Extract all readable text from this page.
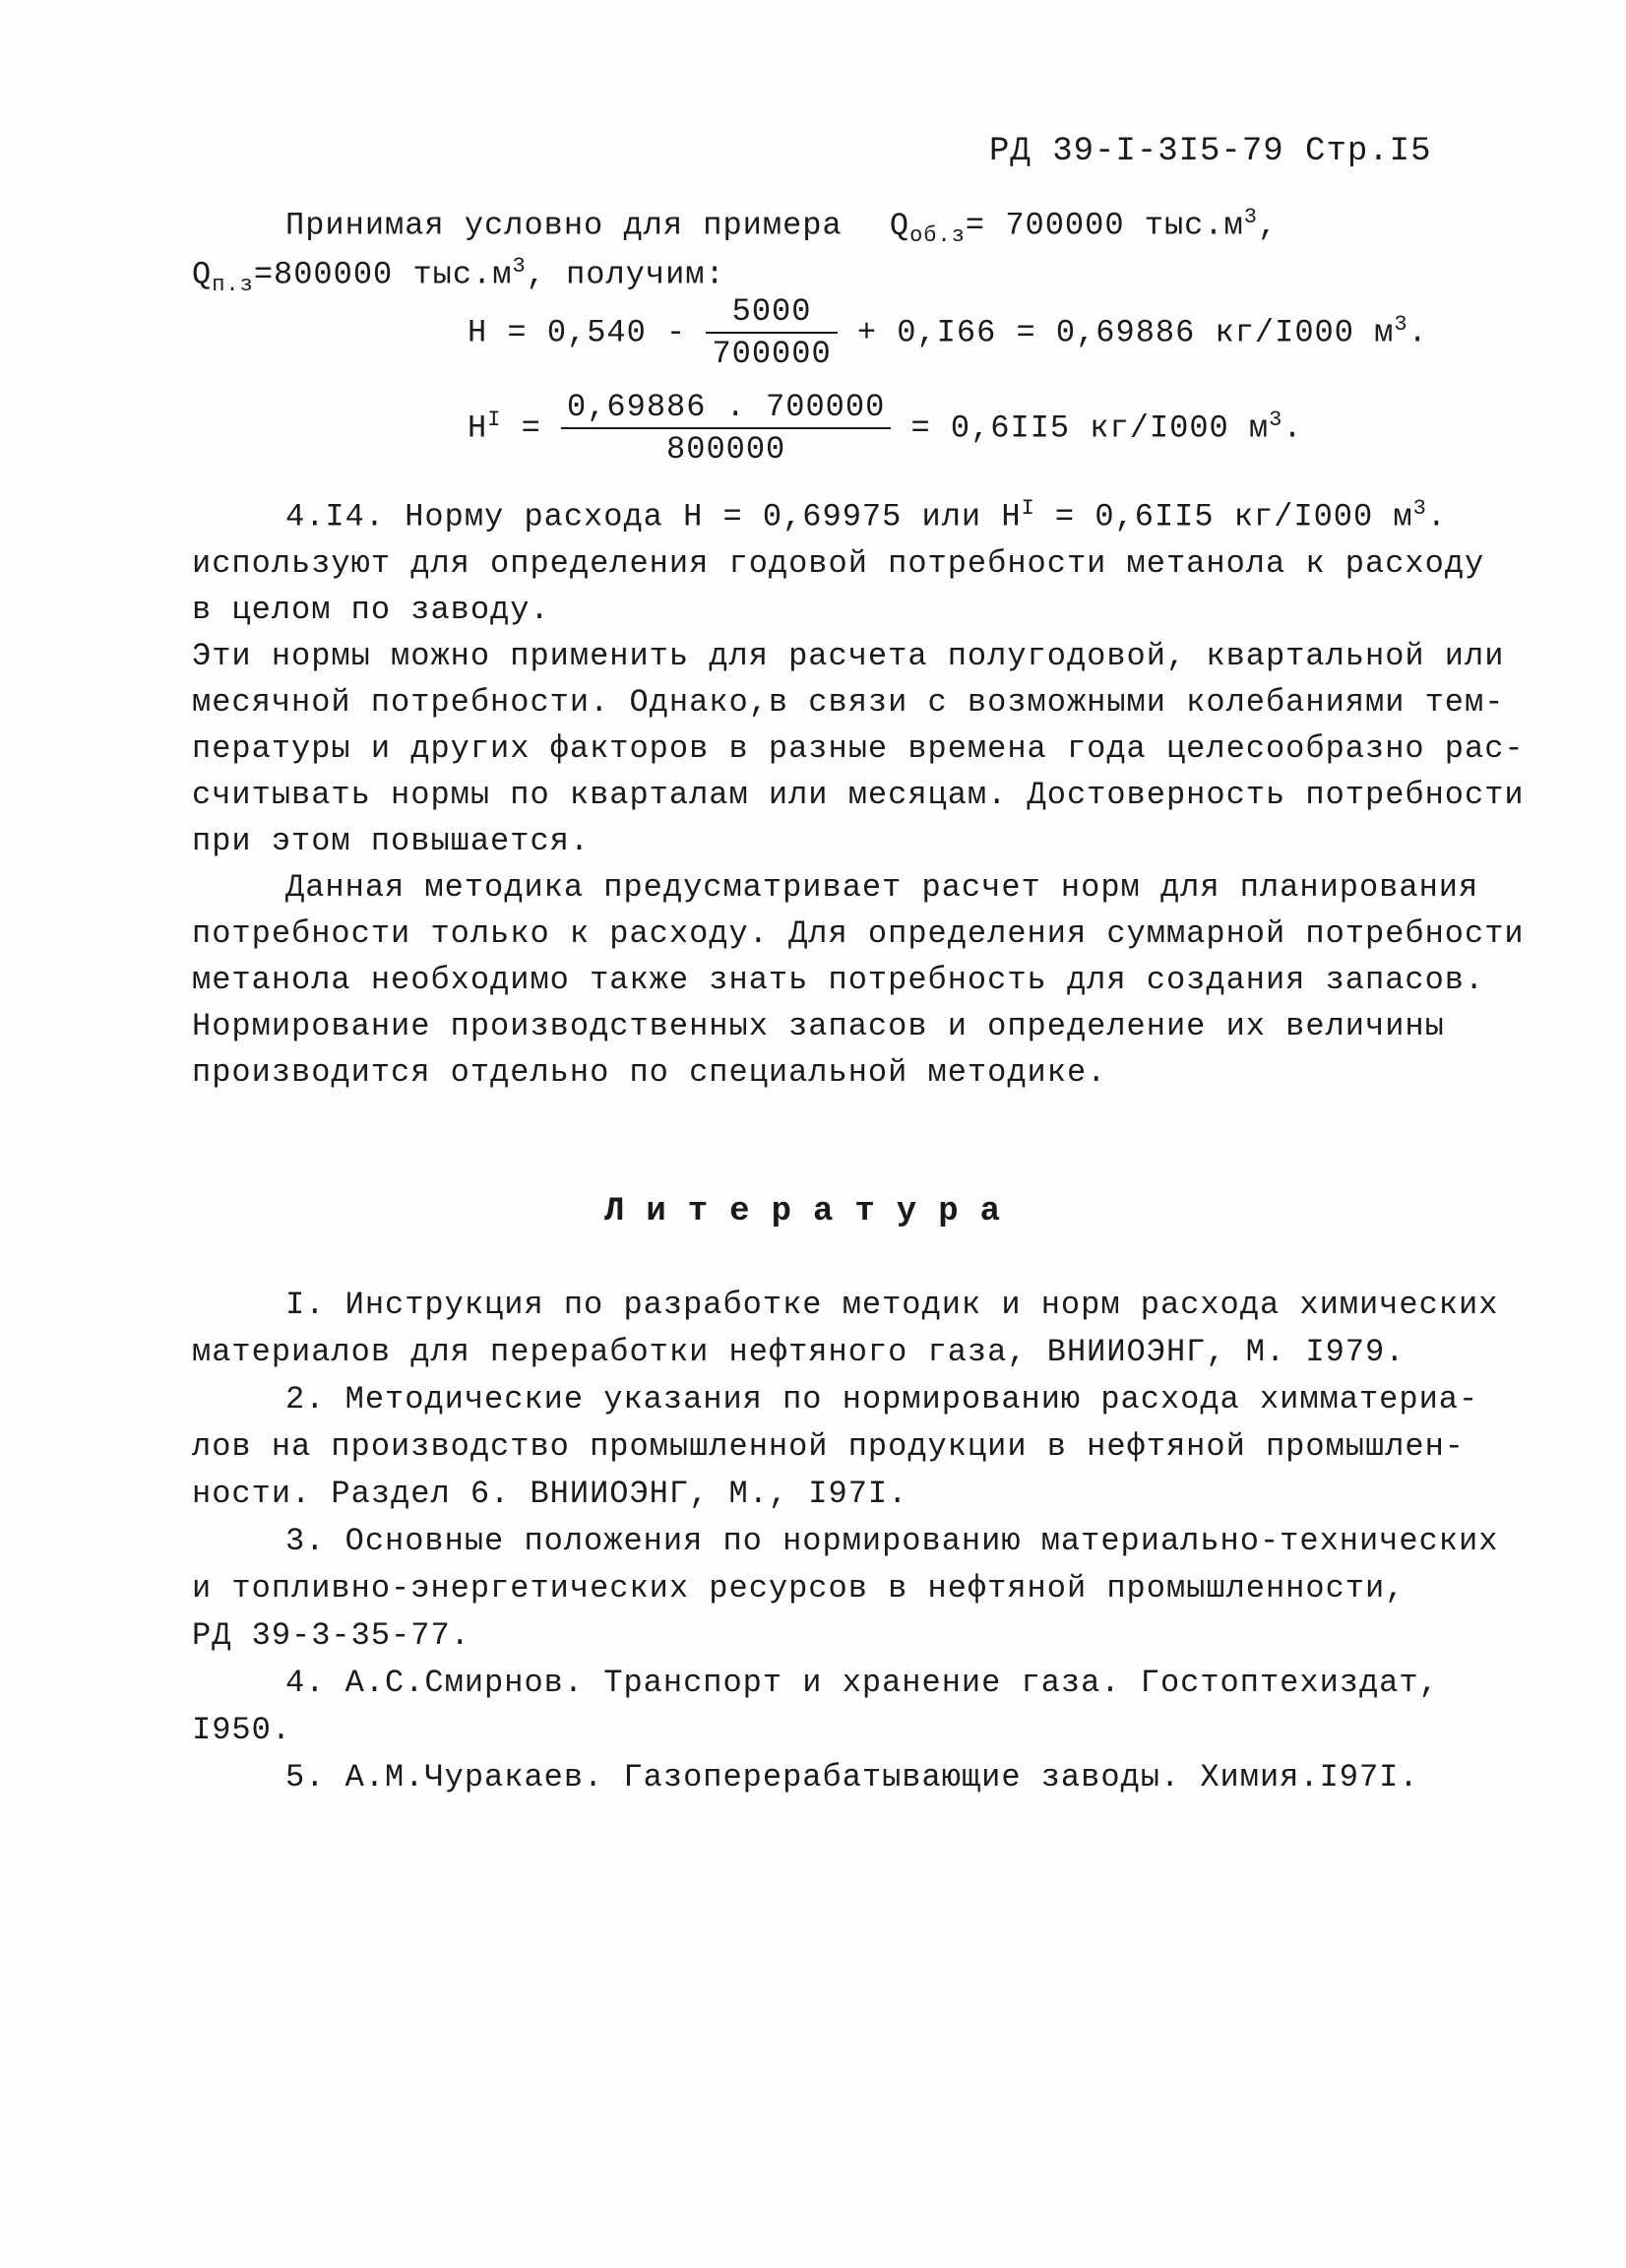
РД 39-I-3I5-79 Стр.I5
Принимая условно для примера $Q_{об.з}= 700000$ $тыс.м^3$,
$Q_{п.з}=800000$ $тыс.м^3$, получим:
$Н = 0,540 - \frac{5000}{700000} + 0,I66 = 0,69886$ кг/I000 $м^3$.
$Н^I = \frac{0,69886 . 700000}{800000} = 0,6II5$ кг/I000 $м^3$.
4.I4. Норму расхода Н = 0,69975 или $Н^I = 0,6II5$ кг/I000 $м^3$.
используют для определения годовой потребности метанола к расходу
в целом по заводу.
Эти нормы можно применить для расчета полугодовой, квартальной или
месячной потребности. Однако,в связи с возможными колебаниями тем-
пературы и других факторов в разные времена года целесообразно рас-
считывать нормы по кварталам или месяцам. Достоверность потребности
при этом повышается.
Данная методика предусматривает расчет норм для планирования
потребности только к расходу. Для определения суммарной потребности
метанола необходимо также знать потребность для создания запасов.
Нормирование производственных запасов и определение их величины
производится отдельно по специальной методике.
Литература
I. Инструкция по разработке методик и норм расхода химических
материалов для переработки нефтяного газа, ВНИИОЭНГ, М. I979.
2. Методические указания по нормированию расхода химматериа-
лов на производство промышленной продукции в нефтяной промышлен-
ности. Раздел 6. ВНИИОЭНГ, М., I97I.
3. Основные положения по нормированию материально-технических
и топливно-энергетических ресурсов в нефтяной промышленности,
РД 39-3-35-77.
4. А.С.Смирнов. Транспорт и хранение газа. Гостоптехиздат,
I950.
5. А.М.Чуракаев. Газоперерабатывающие заводы. Химия.I97I.
